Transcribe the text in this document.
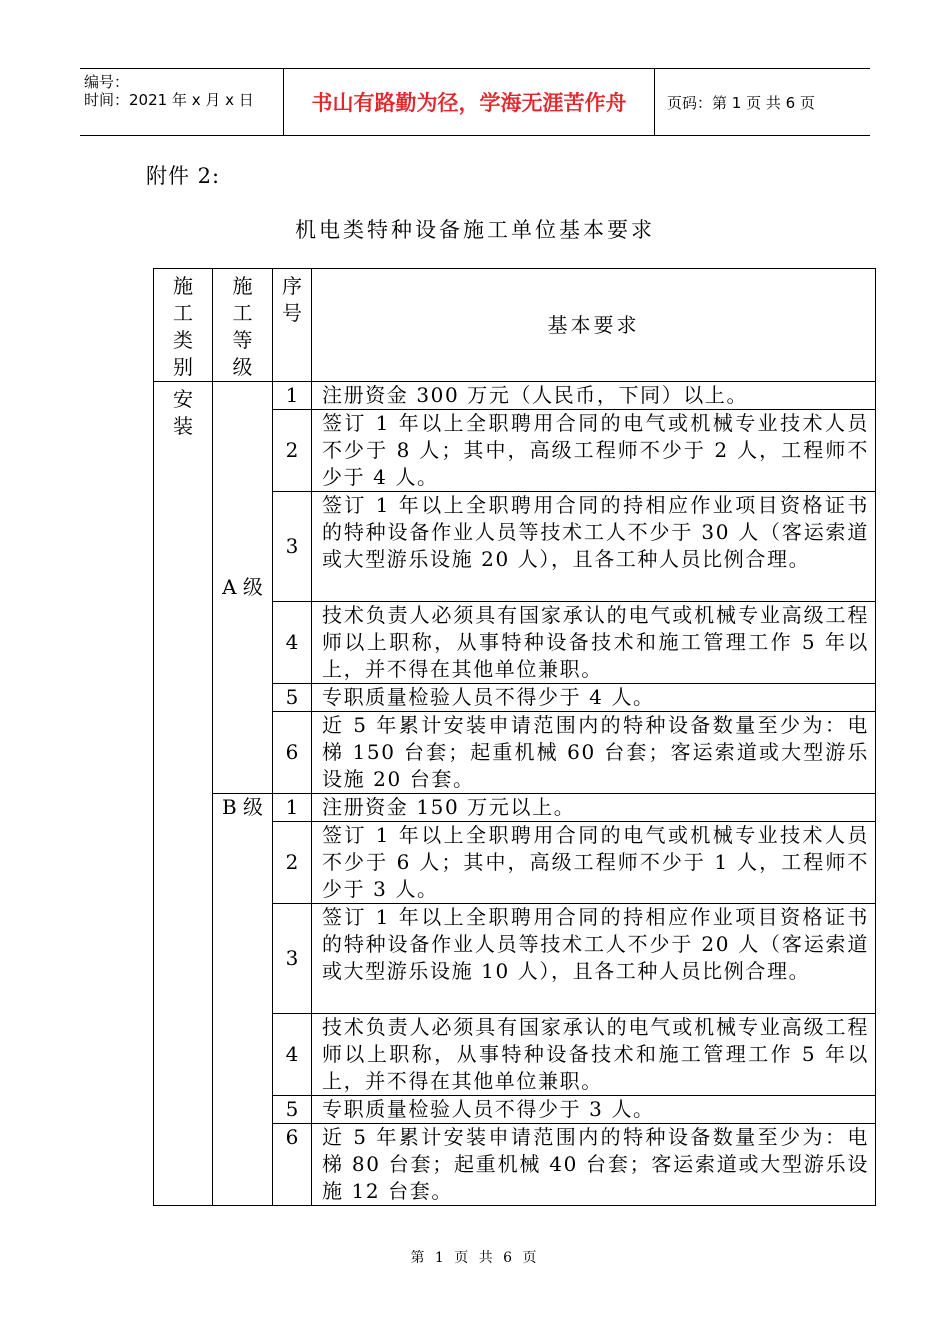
编号：
时间：2021 年 x 月 x 日	书山有路勤为径，学海无涯苦作舟	页码：第 1 页 共 6 页
附件 2:
机电类特种设备施工单位基本要求
施
工
类
别	施
工
等
级	序
号	基本要求
安
装	A 级	1	注册资金 300 万元（人民币，下同）以上。
		2	签订 1 年以上全职聘用合同的电气或机械专业技术人员不少于 8 人；其中，高级工程师不少于 2 人，工程师不少于 4 人。
		3	签订 1 年以上全职聘用合同的持相应作业项目资格证书的特种设备作业人员等技术工人不少于 30 人（客运索道或大型游乐设施 20 人），且各工种人员比例合理。
		4	技术负责人必须具有国家承认的电气或机械专业高级工程师以上职称，从事特种设备技术和施工管理工作 5 年以上，并不得在其他单位兼职。
		5	专职质量检验人员不得少于 4 人。
		6	近 5 年累计安装申请范围内的特种设备数量至少为：电梯 150 台套；起重机械 60 台套；客运索道或大型游乐设施 20 台套。
	B 级	1	注册资金 150 万元以上。
		2	签订 1 年以上全职聘用合同的电气或机械专业技术人员不少于 6 人；其中，高级工程师不少于 1 人，工程师不少于 3 人。
		3	签订 1 年以上全职聘用合同的持相应作业项目资格证书的特种设备作业人员等技术工人不少于 20 人（客运索道或大型游乐设施 10 人），且各工种人员比例合理。
		4	技术负责人必须具有国家承认的电气或机械专业高级工程师以上职称，从事特种设备技术和施工管理工作 5 年以上，并不得在其他单位兼职。
		5	专职质量检验人员不得少于 3 人。
		6	近 5 年累计安装申请范围内的特种设备数量至少为：电梯 80 台套；起重机械 40 台套；客运索道或大型游乐设施 12 台套。
第 1 页 共 6 页
